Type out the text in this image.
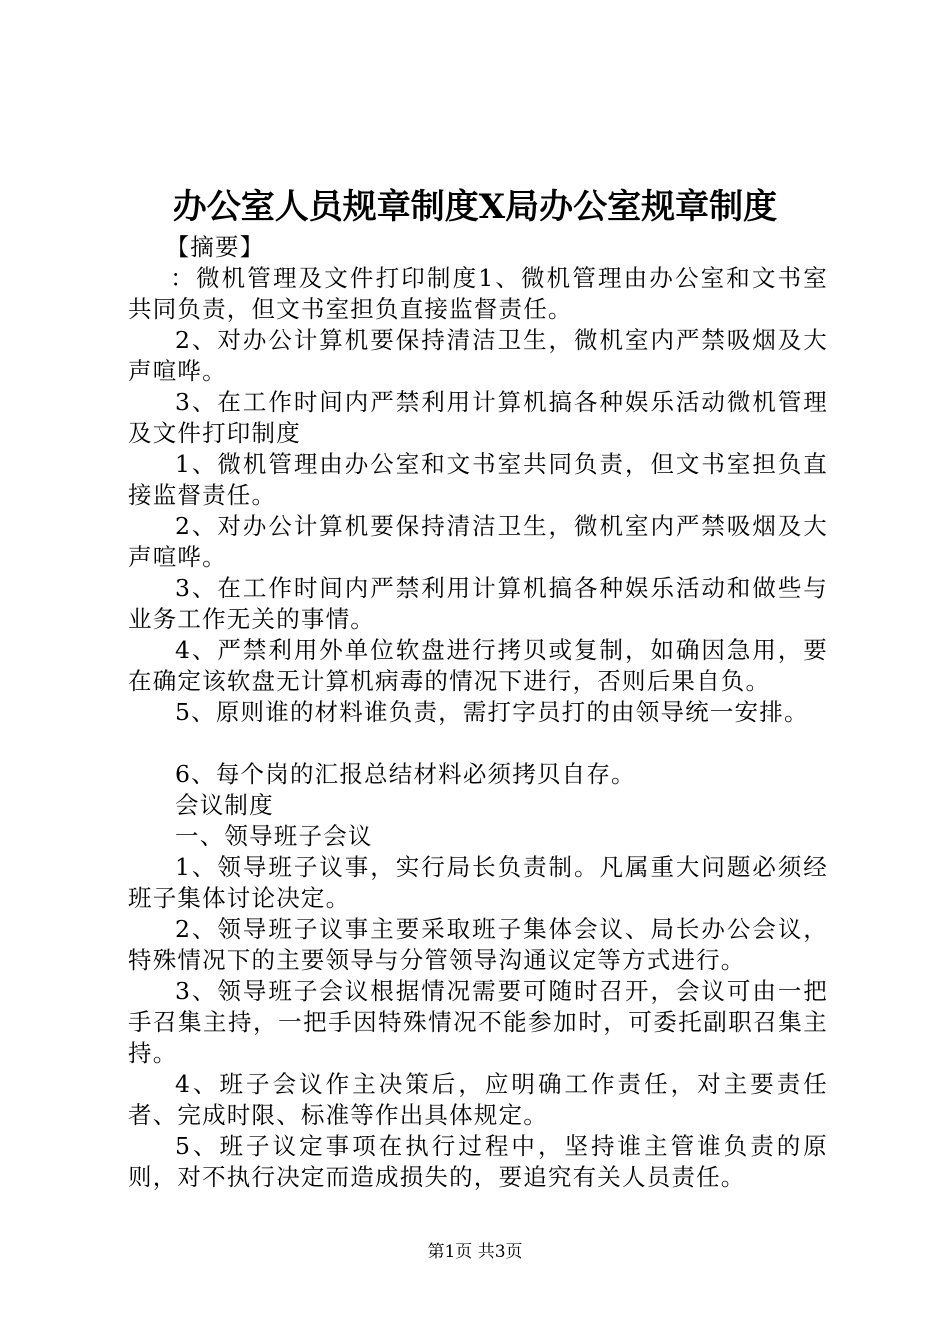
办公室人员规章制度X局办公室规章制度

【摘要】

：微机管理及文件打印制度1、微机管理由办公室和文书室共同负责，但文书室担负直接监督责任。

2、对办公计算机要保持清洁卫生，微机室内严禁吸烟及大声喧哗。

3、在工作时间内严禁利用计算机搞各种娱乐活动微机管理及文件打印制度

1、微机管理由办公室和文书室共同负责，但文书室担负直接监督责任。

2、对办公计算机要保持清洁卫生，微机室内严禁吸烟及大声喧哗。

3、在工作时间内严禁利用计算机搞各种娱乐活动和做些与业务工作无关的事情。

4、严禁利用外单位软盘进行拷贝或复制，如确因急用，要在确定该软盘无计算机病毒的情况下进行，否则后果自负。

5、原则谁的材料谁负责，需打字员打的由领导统一安排。

6、每个岗的汇报总结材料必须拷贝自存。

会议制度

一、领导班子会议

1、领导班子议事，实行局长负责制。凡属重大问题必须经班子集体讨论决定。

2、领导班子议事主要采取班子集体会议、局长办公会议，特殊情况下的主要领导与分管领导沟通议定等方式进行。

3、领导班子会议根据情况需要可随时召开，会议可由一把手召集主持，一把手因特殊情况不能参加时，可委托副职召集主持。

4、班子会议作主决策后，应明确工作责任，对主要责任者、完成时限、标准等作出具体规定。

5、班子议定事项在执行过程中，坚持谁主管谁负责的原则，对不执行决定而造成损失的，要追究有关人员责任。

第1页 共3页
